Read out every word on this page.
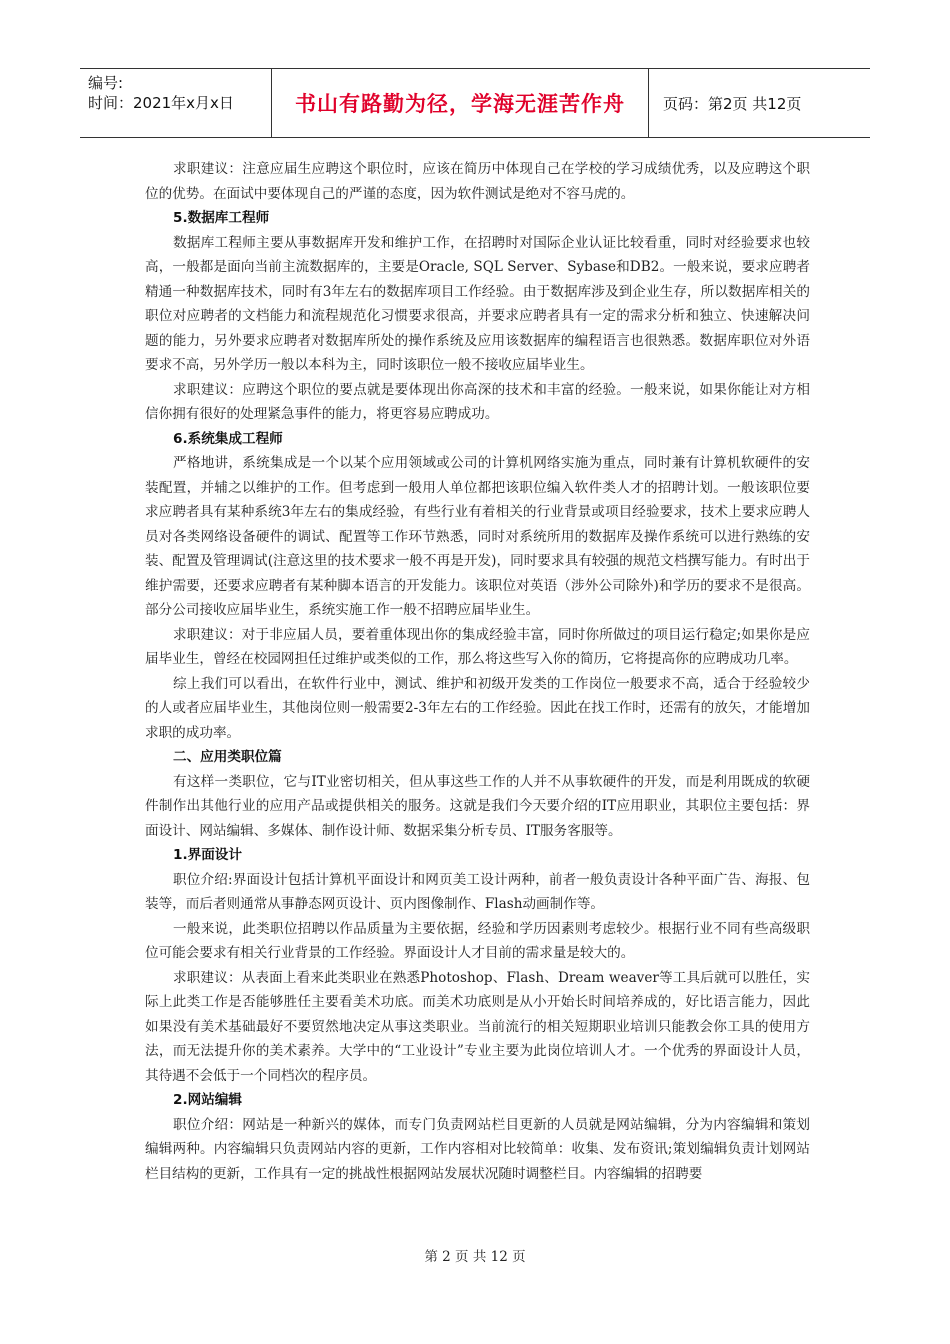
编号:
时间：2021年x月x日	书山有路勤为径，学海无涯苦作舟	页码：第2页 共12页

求职建议：注意应届生应聘这个职位时，应该在简历中体现自己在学校的学习成绩优秀，以及应聘这个职位的优势。在面试中要体现自己的严谨的态度，因为软件测试是绝对不容马虎的。

5.数据库工程师

数据库工程师主要从事数据库开发和维护工作，在招聘时对国际企业认证比较看重，同时对经验要求也较高，一般都是面向当前主流数据库的，主要是Oracle, SQL Server、Sybase和DB2。一般来说，要求应聘者精通一种数据库技术，同时有3年左右的数据库项目工作经验。由于数据库涉及到企业生存，所以数据库相关的职位对应聘者的文档能力和流程规范化习惯要求很高，并要求应聘者具有一定的需求分析和独立、快速解决问题的能力，另外要求应聘者对数据库所处的操作系统及应用该数据库的编程语言也很熟悉。数据库职位对外语要求不高，另外学历一般以本科为主，同时该职位一般不接收应届毕业生。

求职建议：应聘这个职位的要点就是要体现出你高深的技术和丰富的经验。一般来说，如果你能让对方相信你拥有很好的处理紧急事件的能力，将更容易应聘成功。

6.系统集成工程师

严格地讲，系统集成是一个以某个应用领域或公司的计算机网络实施为重点，同时兼有计算机软硬件的安装配置，并辅之以维护的工作。但考虑到一般用人单位都把该职位编入软件类人才的招聘计划。一般该职位要求应聘者具有某种系统3年左右的集成经验，有些行业有着相关的行业背景或项目经验要求，技术上要求应聘人员对各类网络设备硬件的调试、配置等工作环节熟悉，同时对系统所用的数据库及操作系统可以进行熟练的安装、配置及管理调试(注意这里的技术要求一般不再是开发)，同时要求具有较强的规范文档撰写能力。有时出于维护需要，还要求应聘者有某种脚本语言的开发能力。该职位对英语（涉外公司除外)和学历的要求不是很高。部分公司接收应届毕业生，系统实施工作一般不招聘应届毕业生。

求职建议：对于非应届人员，要着重体现出你的集成经验丰富，同时你所做过的项目运行稳定;如果你是应届毕业生，曾经在校园网担任过维护或类似的工作，那么将这些写入你的简历，它将提高你的应聘成功几率。

综上我们可以看出，在软件行业中，测试、维护和初级开发类的工作岗位一般要求不高，适合于经验较少的人或者应届毕业生，其他岗位则一般需要2-3年左右的工作经验。因此在找工作时，还需有的放矢，才能增加求职的成功率。

二、应用类职位篇

有这样一类职位，它与IT业密切相关，但从事这些工作的人并不从事软硬件的开发，而是利用既成的软硬件制作出其他行业的应用产品或提供相关的服务。这就是我们今天要介绍的IT应用职业，其职位主要包括：界面设计、网站编辑、多媒体、制作设计师、数据采集分析专员、IT服务客服等。

1.界面设计

职位介绍:界面设计包括计算机平面设计和网页美工设计两种，前者一般负责设计各种平面广告、海报、包装等，而后者则通常从事静态网页设计、页内图像制作、Flash动画制作等。

一般来说，此类职位招聘以作品质量为主要依据，经验和学历因素则考虑较少。根据行业不同有些高级职位可能会要求有相关行业背景的工作经验。界面设计人才目前的需求量是较大的。

求职建议：从表面上看来此类职业在熟悉Photoshop、Flash、Dream weaver等工具后就可以胜任，实际上此类工作是否能够胜任主要看美术功底。而美术功底则是从小开始长时间培养成的，好比语言能力，因此如果没有美术基础最好不要贸然地决定从事这类职业。当前流行的相关短期职业培训只能教会你工具的使用方法，而无法提升你的美术素养。大学中的“工业设计”专业主要为此岗位培训人才。一个优秀的界面设计人员，其待遇不会低于一个同档次的程序员。

2.网站编辑

职位介绍：网站是一种新兴的媒体，而专门负责网站栏目更新的人员就是网站编辑，分为内容编辑和策划编辑两种。内容编辑只负责网站内容的更新，工作内容相对比较简单：收集、发布资讯;策划编辑负责计划网站栏目结构的更新，工作具有一定的挑战性根据网站发展状况随时调整栏目。内容编辑的招聘要

第 2 页 共 12 页
